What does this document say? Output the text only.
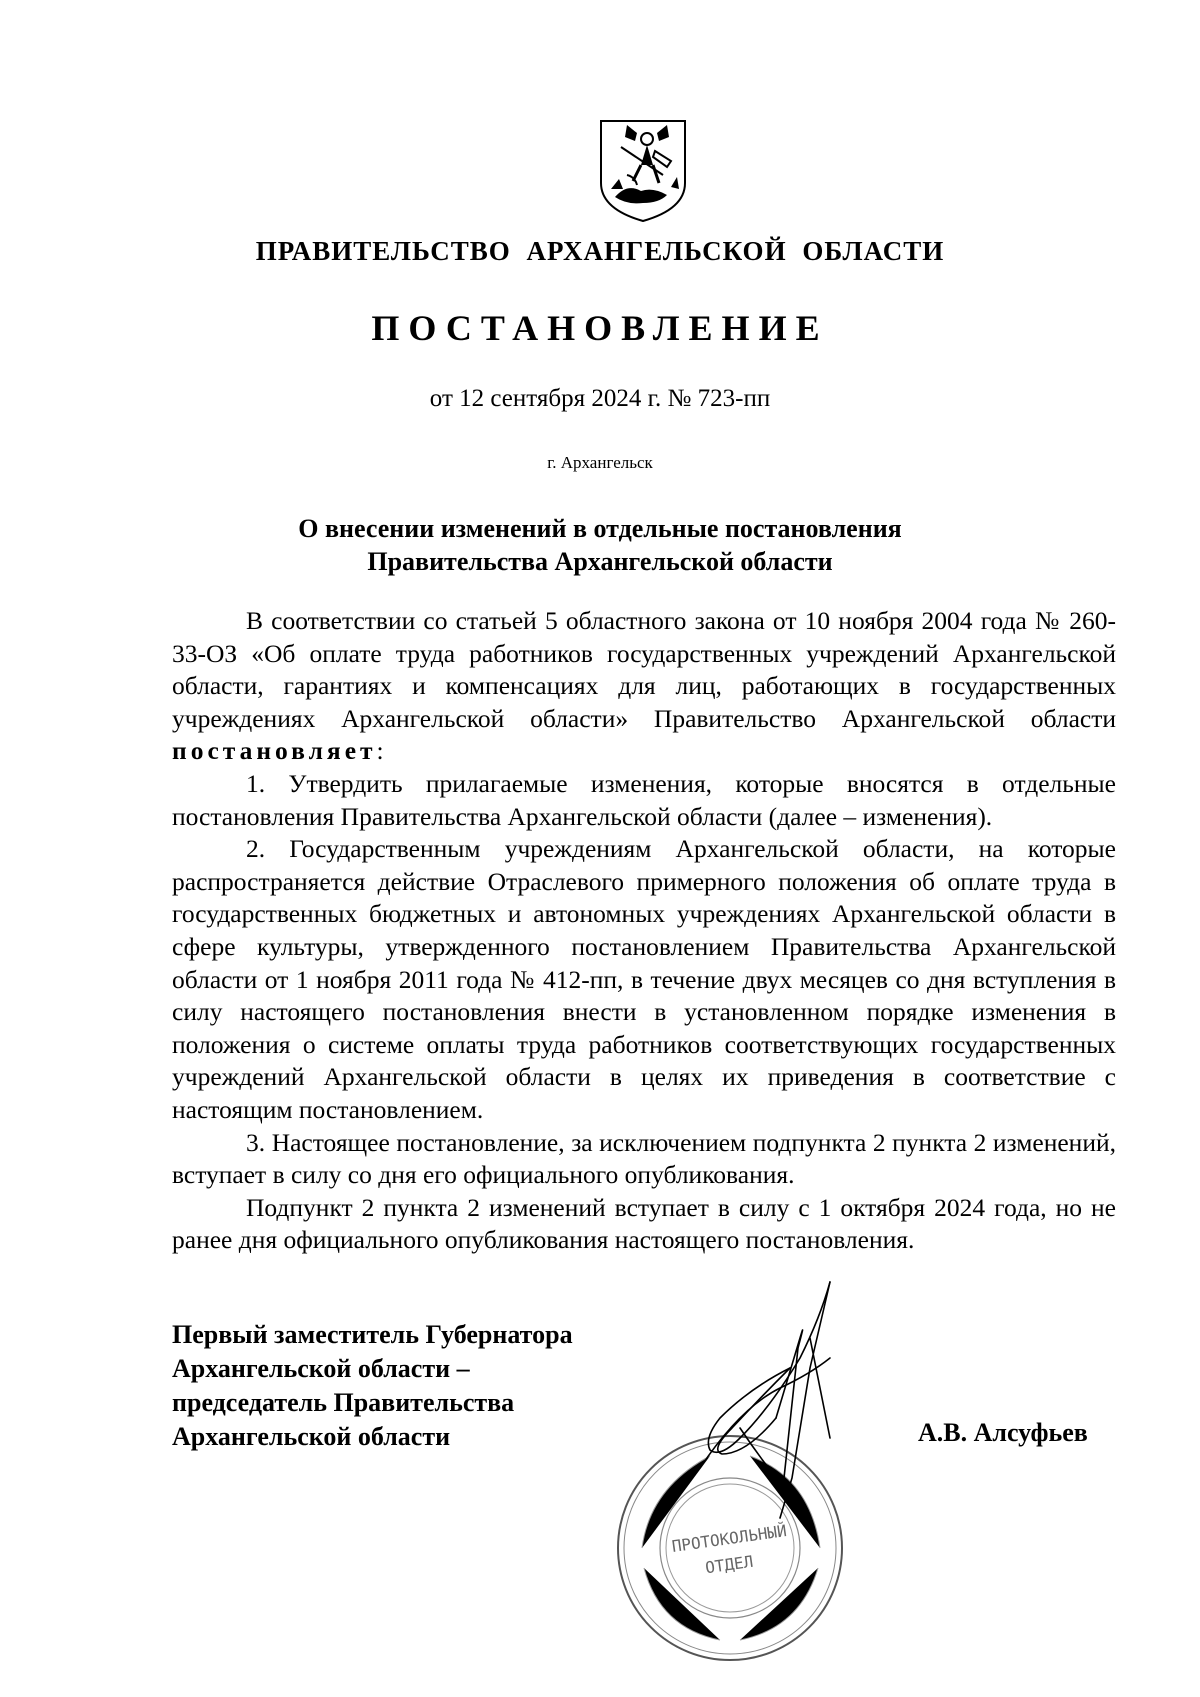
ПРАВИТЕЛЬСТВО АРХАНГЕЛЬСКОЙ ОБЛАСТИ
ПОСТАНОВЛЕНИЕ
от 12 сентября 2024 г. № 723-пп
г. Архангельск
О внесении изменений в отдельные постановления
Правительства Архангельской области

В соответствии со статьей 5 областного закона от 10 ноября 2004 года № 260-33-ОЗ «Об оплате труда работников государственных учреждений Архангельской области, гарантиях и компенсациях для лиц, работающих в государственных учреждениях Архангельской области» Правительство Архангельской области постановляет:

1. Утвердить прилагаемые изменения, которые вносятся в отдельные постановления Правительства Архангельской области (далее – изменения).

2. Государственным учреждениям Архангельской области, на которые распространяется действие Отраслевого примерного положения об оплате труда в государственных бюджетных и автономных учреждениях Архангельской области в сфере культуры, утвержденного постановлением Правительства Архангельской области от 1 ноября 2011 года № 412-пп, в течение двух месяцев со дня вступления в силу настоящего постановления внести в установленном порядке изменения в положения о системе оплаты труда работников соответствующих государственных учреждений Архангельской области в целях их приведения в соответствие с настоящим постановлением.

3. Настоящее постановление, за исключением подпункта 2 пункта 2 изменений, вступает в силу со дня его официального опубликования.

Подпункт 2 пункта 2 изменений вступает в силу с 1 октября 2024 года, но не ранее дня официального опубликования настоящего постановления.

Первый заместитель Губернатора
Архангельской области –
председатель Правительства
Архангельской области	А.В. Алсуфьев
ПРОТОКОЛЬНЫЙ
ОТДЕЛ
